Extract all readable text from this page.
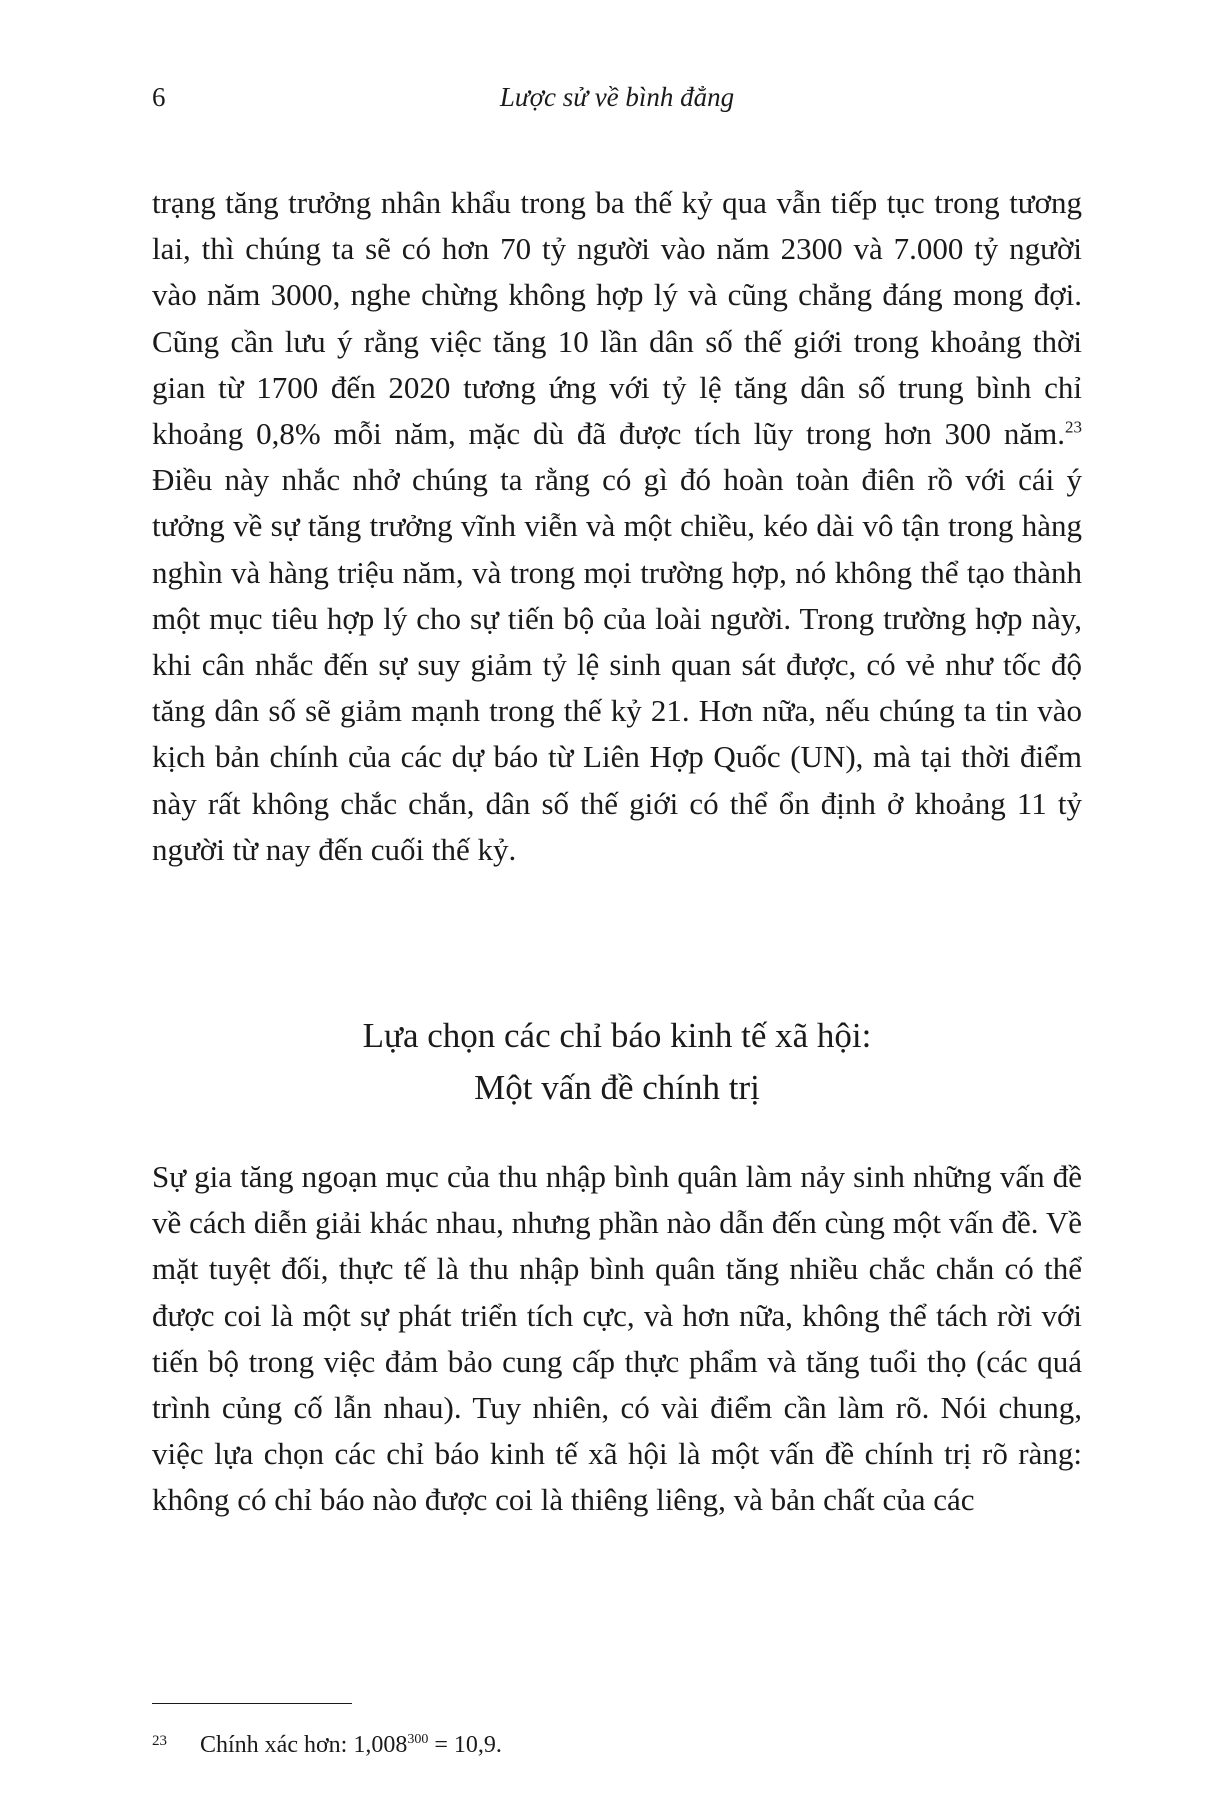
6	Lược sử về bình đẳng

trạng tăng trưởng nhân khẩu trong ba thế kỷ qua vẫn tiếp tục trong tương lai, thì chúng ta sẽ có hơn 70 tỷ người vào năm 2300 và 7.000 tỷ người vào năm 3000, nghe chừng không hợp lý và cũng chẳng đáng mong đợi. Cũng cần lưu ý rằng việc tăng 10 lần dân số thế giới trong khoảng thời gian từ 1700 đến 2020 tương ứng với tỷ lệ tăng dân số trung bình chỉ khoảng 0,8% mỗi năm, mặc dù đã được tích lũy trong hơn 300 năm.$^{23}$ Điều này nhắc nhở chúng ta rằng có gì đó hoàn toàn điên rồ với cái ý tưởng về sự tăng trưởng vĩnh viễn và một chiều, kéo dài vô tận trong hàng nghìn và hàng triệu năm, và trong mọi trường hợp, nó không thể tạo thành một mục tiêu hợp lý cho sự tiến bộ của loài người. Trong trường hợp này, khi cân nhắc đến sự suy giảm tỷ lệ sinh quan sát được, có vẻ như tốc độ tăng dân số sẽ giảm mạnh trong thế kỷ 21. Hơn nữa, nếu chúng ta tin vào kịch bản chính của các dự báo từ Liên Hợp Quốc (UN), mà tại thời điểm này rất không chắc chắn, dân số thế giới có thể ổn định ở khoảng 11 tỷ người từ nay đến cuối thế kỷ.

Lựa chọn các chỉ báo kinh tế xã hội:
Một vấn đề chính trị

Sự gia tăng ngoạn mục của thu nhập bình quân làm nảy sinh những vấn đề về cách diễn giải khác nhau, nhưng phần nào dẫn đến cùng một vấn đề. Về mặt tuyệt đối, thực tế là thu nhập bình quân tăng nhiều chắc chắn có thể được coi là một sự phát triển tích cực, và hơn nữa, không thể tách rời với tiến bộ trong việc đảm bảo cung cấp thực phẩm và tăng tuổi thọ (các quá trình củng cố lẫn nhau). Tuy nhiên, có vài điểm cần làm rõ. Nói chung, việc lựa chọn các chỉ báo kinh tế xã hội là một vấn đề chính trị rõ ràng: không có chỉ báo nào được coi là thiêng liêng, và bản chất của các

23 Chính xác hơn: 1,008$^{300}$ = 10,9.
